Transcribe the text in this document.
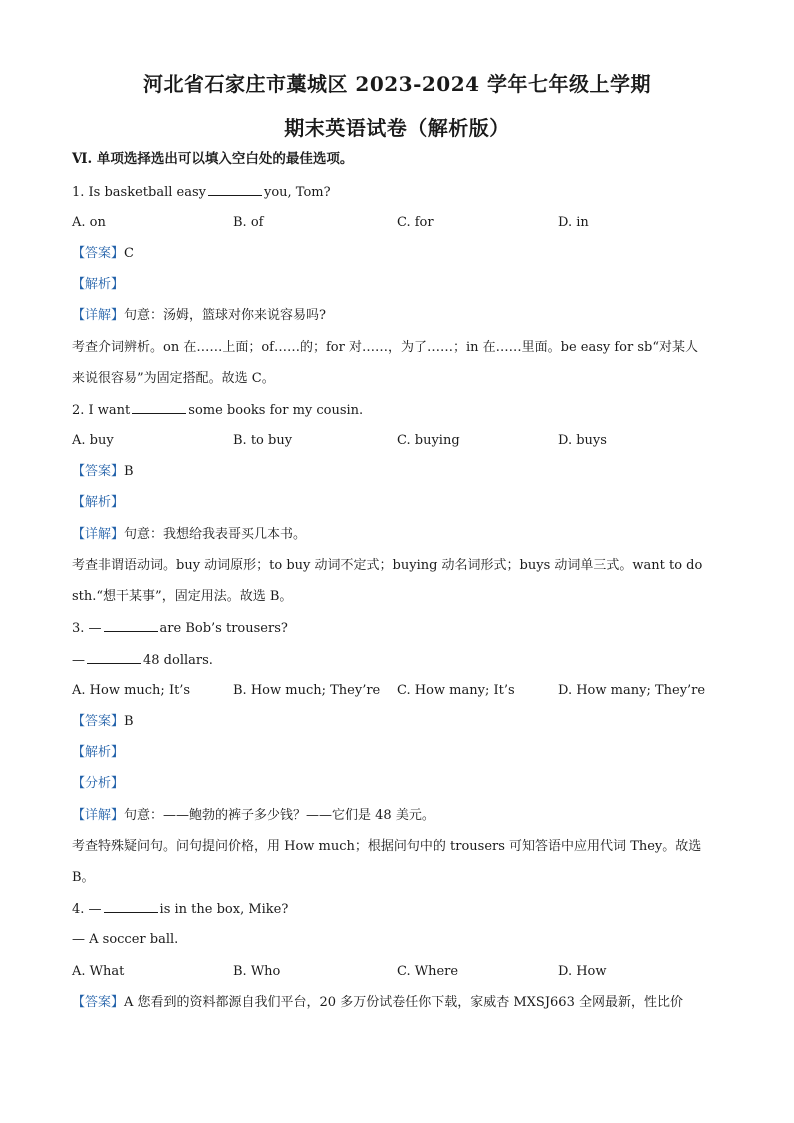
河北省石家庄市藁城区 2023-2024 学年七年级上学期
期末英语试卷（解析版）
Ⅵ. 单项选择选出可以填入空白处的最佳选项。
1. Is basketball easy	you, Tom?
A. on	B. of	C. for	D. in
【答案】C
【解析】
【详解】句意：汤姆，篮球对你来说容易吗?
考查介词辨析。on 在……上面；of……的；for 对……，为了……；in 在……里面。be easy for sb“对某人
来说很容易”为固定搭配。故选 C。
2. I want	some books for my cousin.
A. buy	B. to buy	C. buying	D. buys
【答案】B
【解析】
【详解】句意：我想给我表哥买几本书。
考查非谓语动词。buy 动词原形；to buy 动词不定式；buying 动名词形式；buys 动词单三式。want to do
sth.“想干某事”，固定用法。故选 B。
3. —	are Bob’s trousers?
—	48 dollars.
A. How much; It’s	B. How much; They’re C. How many; It’s	D. How many; They’re
【答案】B
【解析】
【分析】
【详解】句意：——鲍勃的裤子多少钱？——它们是 48 美元。
考查特殊疑问句。问句提问价格，用 How much；根据问句中的 trousers 可知答语中应用代词 They。故选
B。
4. —	is in the box, Mike?
— A soccer ball.
A. What	B. Who	C. Where	D. How
【答案】A 您看到的资料都源自我们平台，20 多万份试卷任你下载，家威杏 MXSJ663 全网最新，性比价
